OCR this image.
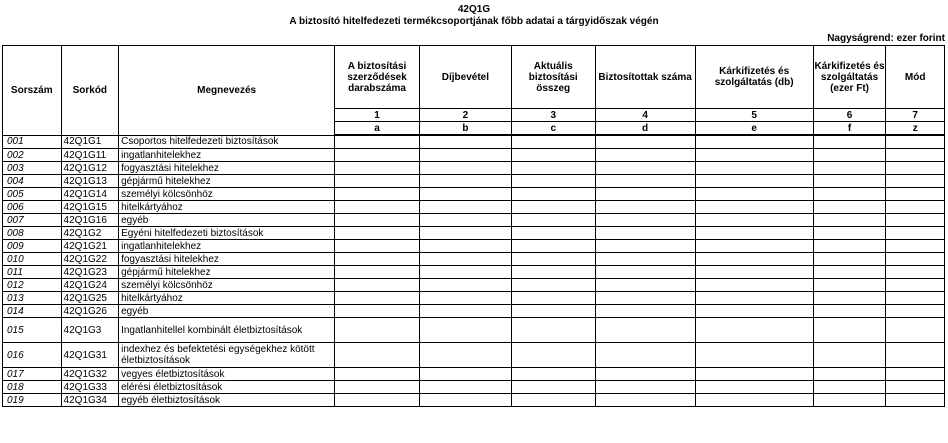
42Q1G
A biztosító hitelfedezeti termékcsoportjának főbb adatai a tárgyidőszak végén
Nagyságrend: ezer forint
Sorszám	Sorkód	Megnevezés	A biztosítási szerződések darabszáma	Díjbevétel	Aktuális biztosítási összeg	Biztosítottak száma	Kárkifizetés és szolgáltatás (db)	Kárkifizetés és szolgáltatás (ezer Ft)	Mód
			1	2	3	4	5	6	7
			a	b	c	d	e	f	z
001	42Q1G1	Csoportos hitelfedezeti biztosítások							
002	42Q1G11	ingatlanhitelekhez							
003	42Q1G12	fogyasztási hitelekhez							
004	42Q1G13	gépjármű hitelekhez							
005	42Q1G14	személyi kölcsönhöz							
006	42Q1G15	hitelkártyához							
007	42Q1G16	egyéb							
008	42Q1G2	Egyéni hitelfedezeti biztosítások							
009	42Q1G21	ingatlanhitelekhez							
010	42Q1G22	fogyasztási hitelekhez							
011	42Q1G23	gépjármű hitelekhez							
012	42Q1G24	személyi kölcsönhöz							
013	42Q1G25	hitelkártyához							
014	42Q1G26	egyéb							
015	42Q1G3	Ingatlanhitellel kombinált életbiztosítások							
016	42Q1G31	indexhez és befektetési egységekhez kötött életbiztosítások							
017	42Q1G32	vegyes életbiztosítások							
018	42Q1G33	elérési életbiztosítások							
019	42Q1G34	egyéb életbiztosítások							
